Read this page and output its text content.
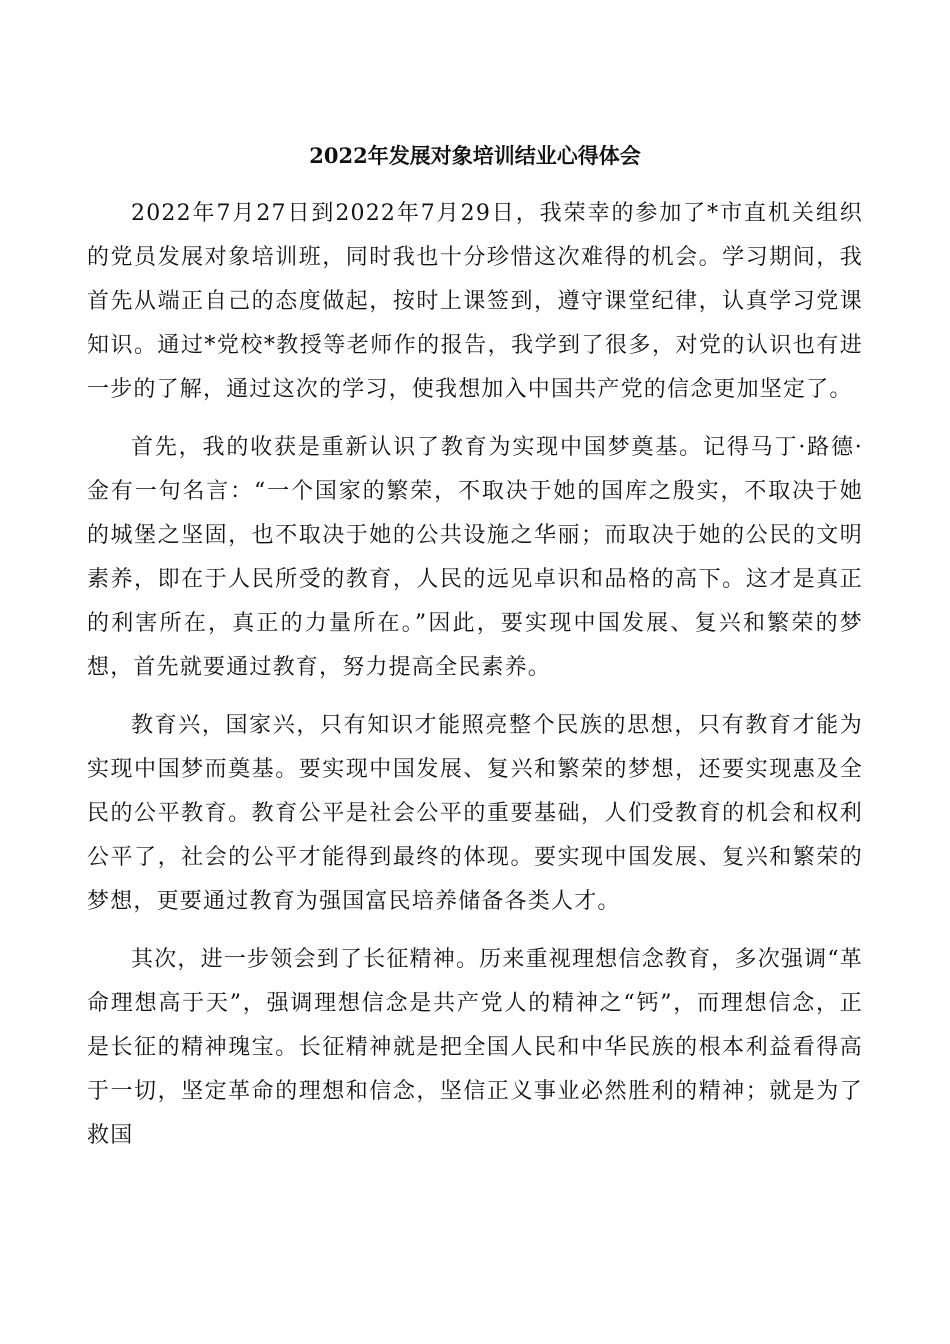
2022年发展对象培训结业心得体会

2022年7月27日到2022年7月29日，我荣幸的参加了*市直机关组织的党员发展对象培训班，同时我也十分珍惜这次难得的机会。学习期间，我首先从端正自己的态度做起，按时上课签到，遵守课堂纪律，认真学习党课知识。通过*党校*教授等老师作的报告，我学到了很多，对党的认识也有进一步的了解，通过这次的学习，使我想加入中国共产党的信念更加坚定了。

首先，我的收获是重新认识了教育为实现中国梦奠基。记得马丁·路德·金有一句名言：“一个国家的繁荣，不取决于她的国库之殷实，不取决于她的城堡之坚固，也不取决于她的公共设施之华丽；而取决于她的公民的文明素养，即在于人民所受的教育，人民的远见卓识和品格的高下。这才是真正的利害所在，真正的力量所在。”因此，要实现中国发展、复兴和繁荣的梦想，首先就要通过教育，努力提高全民素养。

教育兴，国家兴，只有知识才能照亮整个民族的思想，只有教育才能为实现中国梦而奠基。要实现中国发展、复兴和繁荣的梦想，还要实现惠及全民的公平教育。教育公平是社会公平的重要基础，人们受教育的机会和权利公平了，社会的公平才能得到最终的体现。要实现中国发展、复兴和繁荣的梦想，更要通过教育为强国富民培养储备各类人才。

其次，进一步领会到了长征精神。历来重视理想信念教育，多次强调“革命理想高于天”，强调理想信念是共产党人的精神之“钙”，而理想信念，正是长征的精神瑰宝。长征精神就是把全国人民和中华民族的根本利益看得高于一切，坚定革命的理想和信念，坚信正义事业必然胜利的精神；就是为了救国
